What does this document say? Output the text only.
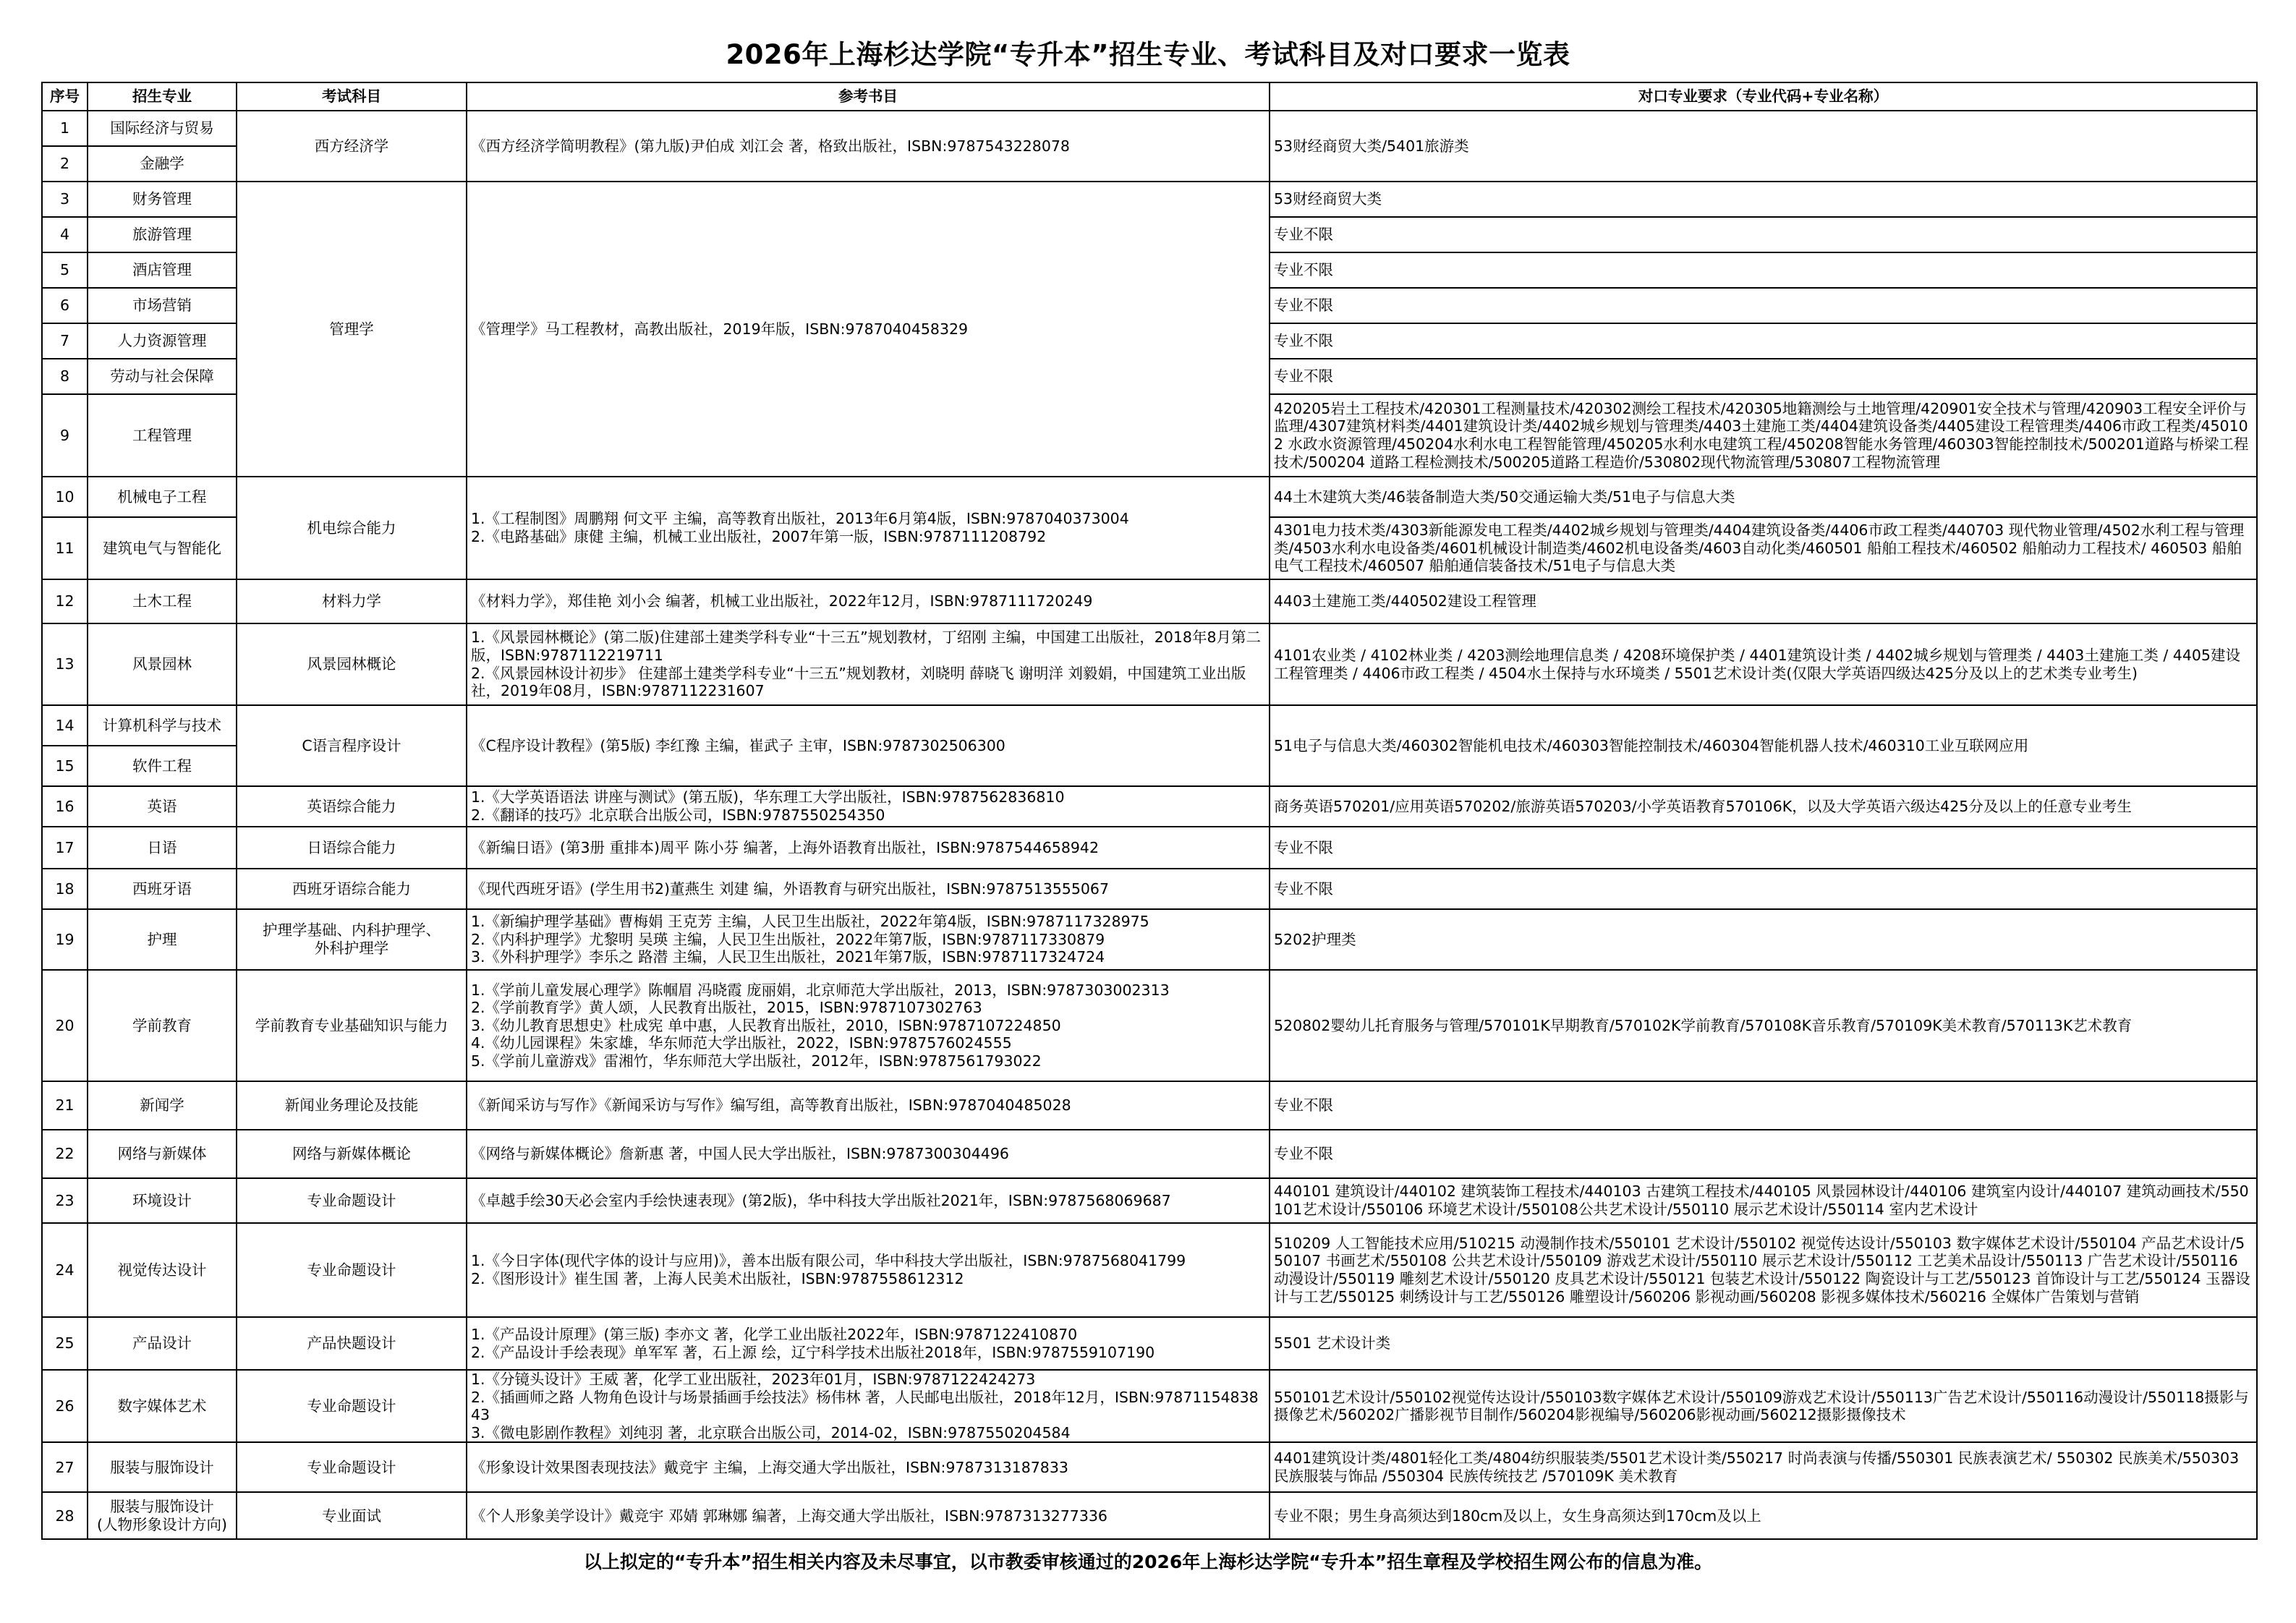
2026年上海杉达学院“专升本”招生专业、考试科目及对口要求一览表
序号	招生专业	考试科目	参考书目	对口专业要求（专业代码+专业名称）
1	国际经济与贸易	西方经济学	《西方经济学简明教程》(第九版)尹伯成 刘江会 著，格致出版社，ISBN:9787543228078	53财经商贸大类/5401旅游类
2	金融学			
3	财务管理	管理学	《管理学》马工程教材，高教出版社，2019年版，ISBN:9787040458329	53财经商贸大类
4	旅游管理			专业不限
5	酒店管理			专业不限
6	市场营销			专业不限
7	人力资源管理			专业不限
8	劳动与社会保障			专业不限
9	工程管理			420205岩土工程技术/420301工程测量技术/420302测绘工程技术/420305地籍测绘与土地管理/420901安全技术与管理/420903工程安全评价与监理/4307建筑材料类/4401建筑设计类/4402城乡规划与管理类/4403土建施工类/4404建筑设备类/4405建设工程管理类/4406市政工程类/450102 水政水资源管理/450204水利水电工程智能管理/450205水利水电建筑工程/450208智能水务管理/460303智能控制技术/500201道路与桥梁工程技术/500204 道路工程检测技术/500205道路工程造价/530802现代物流管理/530807工程物流管理
10	机械电子工程	机电综合能力	1.《工程制图》周鹏翔 何文平 主编，高等教育出版社，2013年6月第4版，ISBN:9787040373004
2.《电路基础》康健 主编，机械工业出版社，2007年第一版，ISBN:9787111208792	44土木建筑大类/46装备制造大类/50交通运输大类/51电子与信息大类
11	建筑电气与智能化			4301电力技术类/4303新能源发电工程类/4402城乡规划与管理类/4404建筑设备类/4406市政工程类/440703 现代物业管理/4502水利工程与管理类/4503水利水电设备类/4601机械设计制造类/4602机电设备类/4603自动化类/460501 船舶工程技术/460502 船舶动力工程技术/ 460503 船舶电气工程技术/460507 船舶通信装备技术/51电子与信息大类
12	土木工程	材料力学	《材料力学》，郑佳艳 刘小会 编著，机械工业出版社，2022年12月，ISBN:9787111720249	4403土建施工类/440502建设工程管理
13	风景园林	风景园林概论	1.《风景园林概论》(第二版)住建部土建类学科专业“十三五”规划教材，丁绍刚 主编，中国建工出版社，2018年8月第二版，ISBN:9787112219711
2.《风景园林设计初步》 住建部土建类学科专业“十三五”规划教材，刘晓明 薛晓飞 谢明洋 刘毅娟，中国建筑工业出版社，2019年08月，ISBN:9787112231607	4101农业类 / 4102林业类 / 4203测绘地理信息类 / 4208环境保护类 / 4401建筑设计类 / 4402城乡规划与管理类 / 4403土建施工类 / 4405建设工程管理类 / 4406市政工程类 / 4504水土保持与水环境类 / 5501艺术设计类(仅限大学英语四级达425分及以上的艺术类专业考生)
14	计算机科学与技术	C语言程序设计	《C程序设计教程》(第5版) 李红豫 主编，崔武子 主审，ISBN:9787302506300	51电子与信息大类/460302智能机电技术/460303智能控制技术/460304智能机器人技术/460310工业互联网应用
15	软件工程			
16	英语	英语综合能力	1.《大学英语语法 讲座与测试》(第五版)，华东理工大学出版社，ISBN:9787562836810
2.《翻译的技巧》北京联合出版公司，ISBN:9787550254350	商务英语570201/应用英语570202/旅游英语570203/小学英语教育570106K，以及大学英语六级达425分及以上的任意专业考生
17	日语	日语综合能力	《新编日语》(第3册 重排本)周平 陈小芬 编著，上海外语教育出版社，ISBN:9787544658942	专业不限
18	西班牙语	西班牙语综合能力	《现代西班牙语》(学生用书2)董燕生 刘建 编，外语教育与研究出版社，ISBN:9787513555067	专业不限
19	护理	护理学基础、内科护理学、
外科护理学	1.《新编护理学基础》曹梅娟 王克芳 主编，人民卫生出版社，2022年第4版，ISBN:9787117328975
2.《内科护理学》尤黎明 吴瑛 主编，人民卫生出版社，2022年第7版，ISBN:9787117330879
3.《外科护理学》李乐之 路潜 主编，人民卫生出版社，2021年第7版，ISBN:9787117324724	5202护理类
20	学前教育	学前教育专业基础知识与能力	1.《学前儿童发展心理学》陈帼眉 冯晓霞 庞丽娟，北京师范大学出版社，2013，ISBN:9787303002313
2.《学前教育学》黄人颂，人民教育出版社，2015，ISBN:9787107302763
3.《幼儿教育思想史》杜成宪 单中惠，人民教育出版社，2010，ISBN:9787107224850
4.《幼儿园课程》朱家雄，华东师范大学出版社，2022，ISBN:9787576024555
5.《学前儿童游戏》雷湘竹，华东师范大学出版社，2012年，ISBN:9787561793022	520802婴幼儿托育服务与管理/570101K早期教育/570102K学前教育/570108K音乐教育/570109K美术教育/570113K艺术教育
21	新闻学	新闻业务理论及技能	《新闻采访与写作》《新闻采访与写作》编写组，高等教育出版社，ISBN:9787040485028	专业不限
22	网络与新媒体	网络与新媒体概论	《网络与新媒体概论》詹新惠 著，中国人民大学出版社，ISBN:9787300304496	专业不限
23	环境设计	专业命题设计	《卓越手绘30天必会室内手绘快速表现》(第2版)，华中科技大学出版社2021年，ISBN:9787568069687	440101 建筑设计/440102 建筑装饰工程技术/440103 古建筑工程技术/440105 风景园林设计/440106 建筑室内设计/440107 建筑动画技术/550101艺术设计/550106 环境艺术设计/550108公共艺术设计/550110 展示艺术设计/550114 室内艺术设计
24	视觉传达设计	专业命题设计	1.《今日字体(现代字体的设计与应用)》，善本出版有限公司，华中科技大学出版社，ISBN:9787568041799
2.《图形设计》崔生国 著，上海人民美术出版社，ISBN:9787558612312	510209 人工智能技术应用/510215 动漫制作技术/550101 艺术设计/550102 视觉传达设计/550103 数字媒体艺术设计/550104 产品艺术设计/550107 书画艺术/550108 公共艺术设计/550109 游戏艺术设计/550110 展示艺术设计/550112 工艺美术品设计/550113 广告艺术设计/550116 动漫设计/550119 雕刻艺术设计/550120 皮具艺术设计/550121 包装艺术设计/550122 陶瓷设计与工艺/550123 首饰设计与工艺/550124 玉器设计与工艺/550125 刺绣设计与工艺/550126 雕塑设计/560206 影视动画/560208 影视多媒体技术/560216 全媒体广告策划与营销
25	产品设计	产品快题设计	1.《产品设计原理》(第三版) 李亦文 著，化学工业出版社2022年，ISBN:9787122410870
2.《产品设计手绘表现》单军军 著，石上源 绘，辽宁科学技术出版社2018年，ISBN:9787559107190	5501 艺术设计类
26	数字媒体艺术	专业命题设计	1.《分镜头设计》王威 著，化学工业出版社，2023年01月，ISBN:9787122424273
2.《插画师之路 人物角色设计与场景插画手绘技法》杨伟林 著，人民邮电出版社，2018年12月，ISBN:9787115483843
3.《微电影剧作教程》刘纯羽 著，北京联合出版公司，2014-02，ISBN:9787550204584	550101艺术设计/550102视觉传达设计/550103数字媒体艺术设计/550109游戏艺术设计/550113广告艺术设计/550116动漫设计/550118摄影与摄像艺术/560202广播影视节目制作/560204影视编导/560206影视动画/560212摄影摄像技术
27	服装与服饰设计	专业命题设计	《形象设计效果图表现技法》戴竞宇 主编，上海交通大学出版社，ISBN:9787313187833	4401建筑设计类/4801轻化工类/4804纺织服装类/5501艺术设计类/550217 时尚表演与传播/550301 民族表演艺术/ 550302 民族美术/550303 民族服装与饰品 /550304 民族传统技艺 /570109K 美术教育
28	服装与服饰设计
(人物形象设计方向)	专业面试	《个人形象美学设计》戴竞宇 邓婧 郭琳娜 编著，上海交通大学出版社，ISBN:9787313277336	专业不限；男生身高须达到180cm及以上，女生身高须达到170cm及以上
以上拟定的“专升本”招生相关内容及未尽事宜，以市教委审核通过的2026年上海杉达学院“专升本”招生章程及学校招生网公布的信息为准。
